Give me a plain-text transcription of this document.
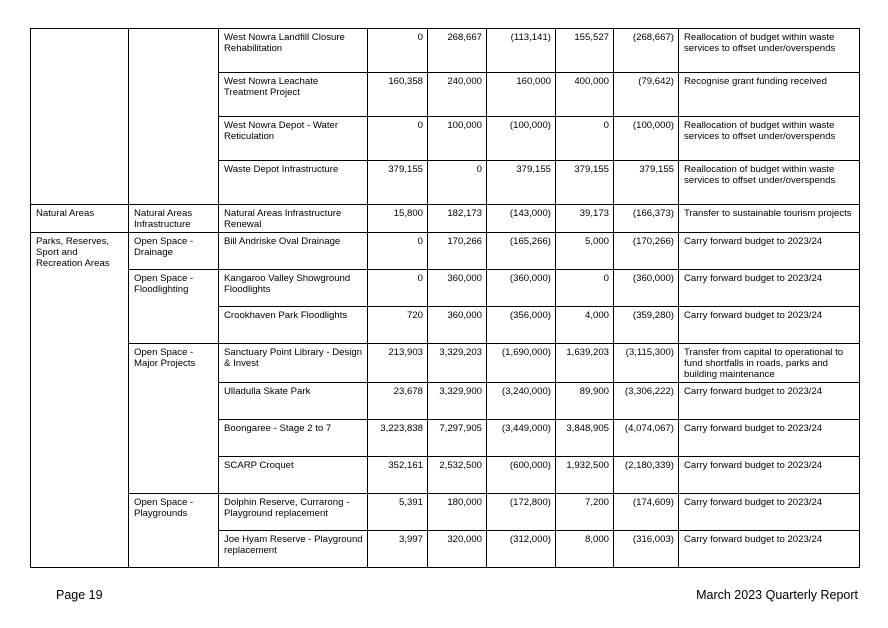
		West Nowra Landfill Closure Rehabilitation	0	268,667	(113,141)	155,527	(268,667)	Reallocation of budget within waste services to offset under/overspends
		West Nowra Leachate Treatment Project	160,358	240,000	160,000	400,000	(79,642)	Recognise grant funding received
		West Nowra Depot - Water Reticulation	0	100,000	(100,000)	0	(100,000)	Reallocation of budget within waste services to offset under/overspends
		Waste Depot Infrastructure	379,155	0	379,155	379,155	379,155	Reallocation of budget within waste services to offset under/overspends
Natural Areas	Natural Areas Infrastructure	Natural Areas Infrastructure Renewal	15,800	182,173	(143,000)	39,173	(166,373)	Transfer to sustainable tourism projects
Parks, Reserves, Sport and Recreation Areas	Open Space - Drainage	Bill Andriske Oval Drainage	0	170,266	(165,266)	5,000	(170,266)	Carry forward budget to 2023/24
	Open Space - Floodlighting	Kangaroo Valley Showground Floodlights	0	360,000	(360,000)	0	(360,000)	Carry forward budget to 2023/24
		Crookhaven Park Floodlights	720	360,000	(356,000)	4,000	(359,280)	Carry forward budget to 2023/24
	Open Space - Major Projects	Sanctuary Point Library - Design & Invest	213,903	3,329,203	(1,690,000)	1,639,203	(3,115,300)	Transfer from capital to operational to fund shortfalls in roads, parks and building maintenance
		Ulladulla Skate Park	23,678	3,329,900	(3,240,000)	89,900	(3,306,222)	Carry forward budget to 2023/24
		Boongaree - Stage 2 to 7	3,223,838	7,297,905	(3,449,000)	3,848,905	(4,074,067)	Carry forward budget to 2023/24
		SCARP Croquet	352,161	2,532,500	(600,000)	1,932,500	(2,180,339)	Carry forward budget to 2023/24
	Open Space - Playgrounds	Dolphin Reserve, Currarong - Playground replacement	5,391	180,000	(172,800)	7,200	(174,609)	Carry forward budget to 2023/24
		Joe Hyam Reserve - Playground replacement	3,997	320,000	(312,000)	8,000	(316,003)	Carry forward budget to 2023/24
Page 19	March 2023 Quarterly Report
